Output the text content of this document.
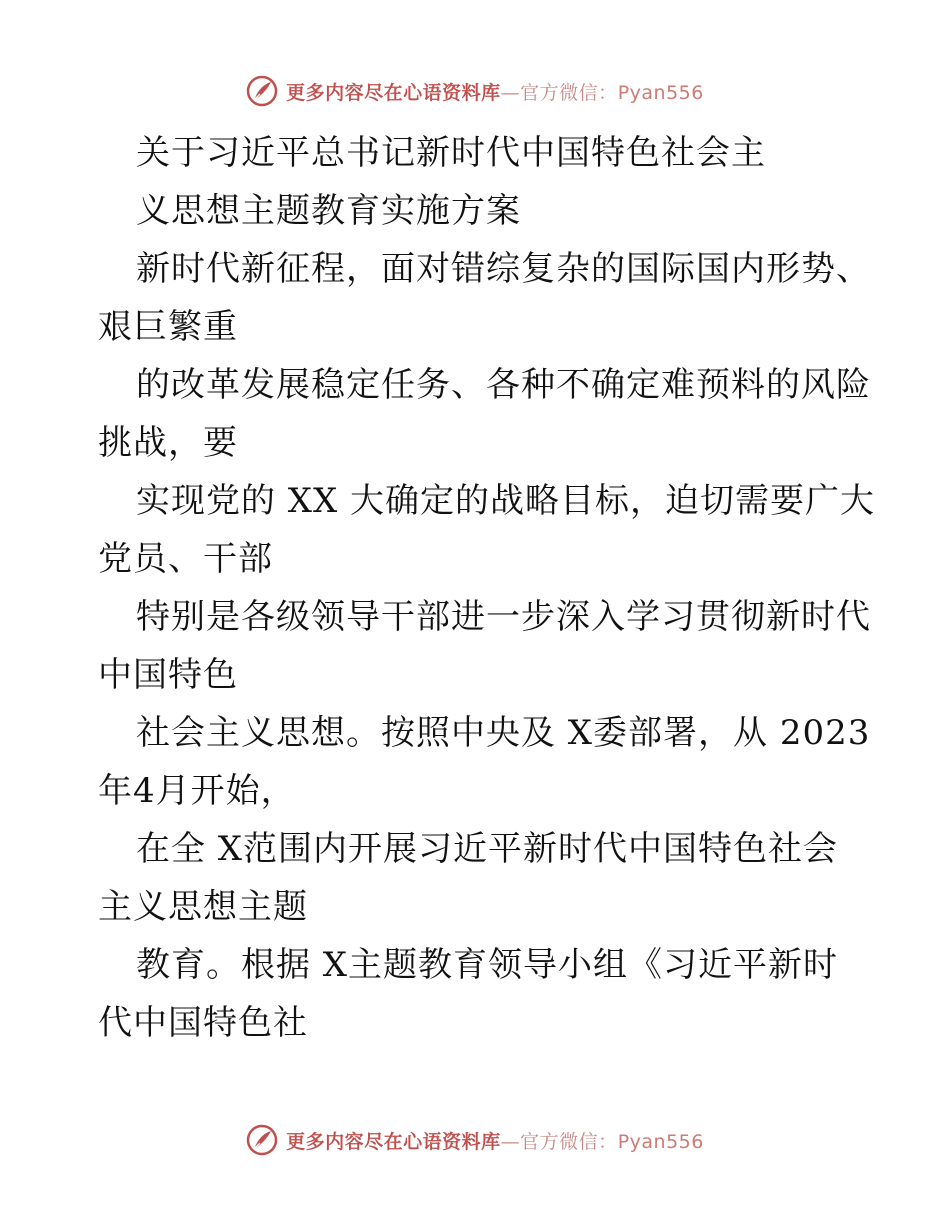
更多内容尽在心语资料库—官方微信：Pyan556
关于习近平总书记新时代中国特色社会主
义思想主题教育实施方案
新时代新征程，面对错综复杂的国际国内形势、
艰巨繁重
的改革发展稳定任务、各种不确定难预料的风险
挑战，要
实现党的 XX 大确定的战略目标，迫切需要广大
党员、干部
特别是各级领导干部进一步深入学习贯彻新时代
中国特色
社会主义思想。按照中央及 X委部署，从 2023
年4月开始，
在全 X范围内开展习近平新时代中国特色社会
主义思想主题
教育。根据 X主题教育领导小组《习近平新时
代中国特色社
更多内容尽在心语资料库—官方微信：Pyan556
